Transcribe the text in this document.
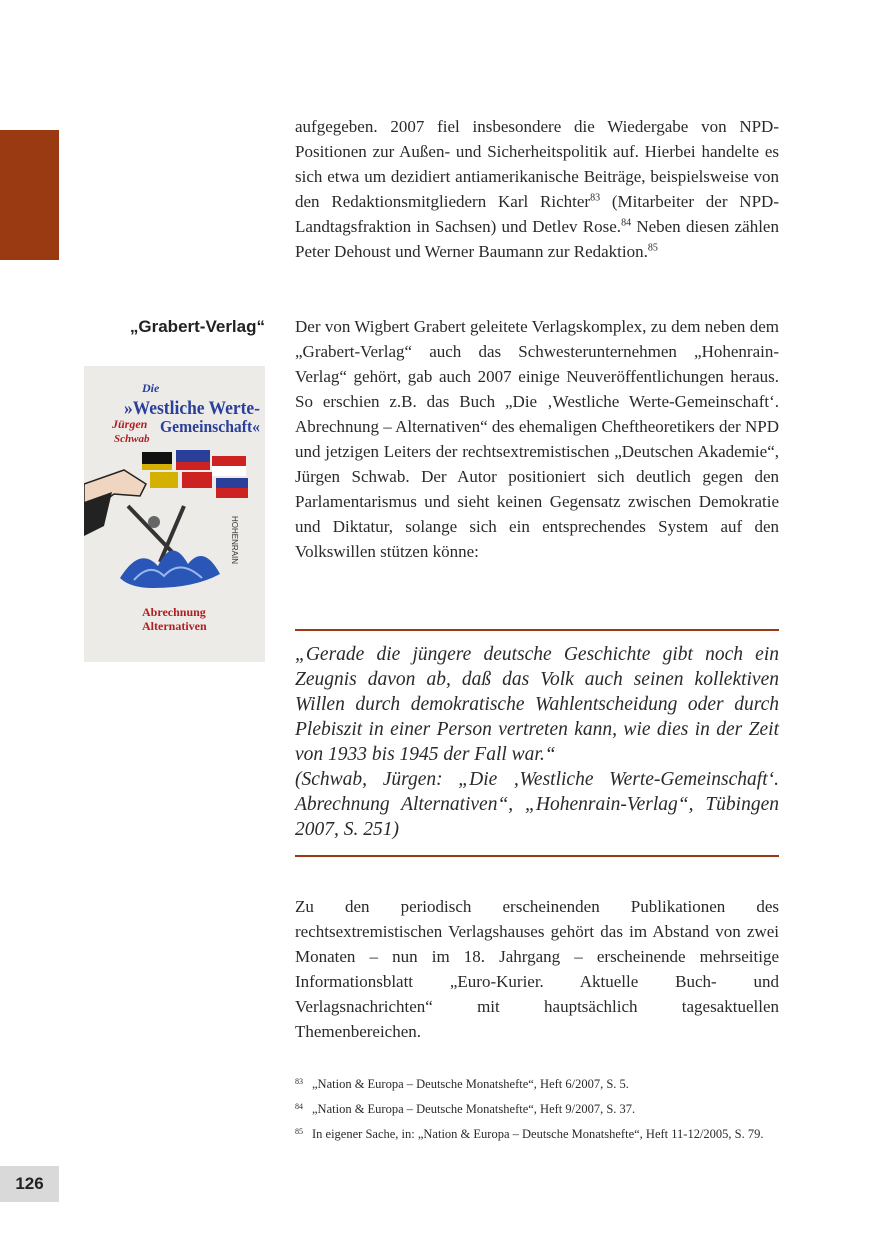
aufgegeben. 2007 fiel insbesondere die Wiedergabe von NPD-Positionen zur Außen- und Sicherheitspolitik auf. Hierbei handelte es sich etwa um dezidiert antiamerikanische Beiträge, beispielsweise von den Redaktionsmitgliedern Karl Richter$^{83}$ (Mitarbeiter der NPD-Landtagsfraktion in Sachsen) und Detlev Rose.$^{84}$ Neben diesen zählen Peter Dehoust und Werner Baumann zur Redaktion.$^{85}$

„Grabert-Verlag“ Der von Wigbert Grabert geleitete Verlagskomplex, zu dem neben dem „Grabert-Verlag“ auch das Schwesterunternehmen „Hohenrain-Verlag“ gehört, gab auch 2007 einige Neuveröffentlichungen heraus. So erschien z.B. das Buch „Die ‚Westliche Werte-Gemeinschaft‘. Abrechnung – Alternativen“ des ehemaligen Cheftheoretikers der NPD und jetzigen Leiters der rechtsextremistischen „Deutschen Akademie“, Jürgen Schwab. Der Autor positioniert sich deutlich gegen den Parlamentarismus und sieht keinen Gegensatz zwischen Demokratie und Diktatur, solange sich ein entsprechendes System auf den Volkswillen stützen könne:

Die
»Westliche Werte-
Jürgen Gemeinschaft«
Schwab
HOHENRAIN
Abrechnung
Alternativen

„Gerade die jüngere deutsche Geschichte gibt noch ein Zeugnis davon ab, daß das Volk auch seinen kollektiven Willen durch demokratische Wahlentscheidung oder durch Plebiszit in einer Person vertreten kann, wie dies in der Zeit von 1933 bis 1945 der Fall war.“

(Schwab, Jürgen: „Die ‚Westliche Werte-Gemeinschaft‘. Abrechnung Alternativen“, „Hohenrain-Verlag“, Tübingen 2007, S. 251)

Zu den periodisch erscheinenden Publikationen des rechtsextremistischen Verlagshauses gehört das im Abstand von zwei Monaten – nun im 18. Jahrgang – erscheinende mehrseitige Informationsblatt „Euro-Kurier. Aktuelle Buch- und Verlagsnachrichten“ mit hauptsächlich tagesaktuellen Themenbereichen.

83 „Nation & Europa – Deutsche Monatshefte“, Heft 6/2007, S. 5.
84 „Nation & Europa – Deutsche Monatshefte“, Heft 9/2007, S. 37.
85 In eigener Sache, in: „Nation & Europa – Deutsche Monatshefte“, Heft 11-12/2005, S. 79.
126
